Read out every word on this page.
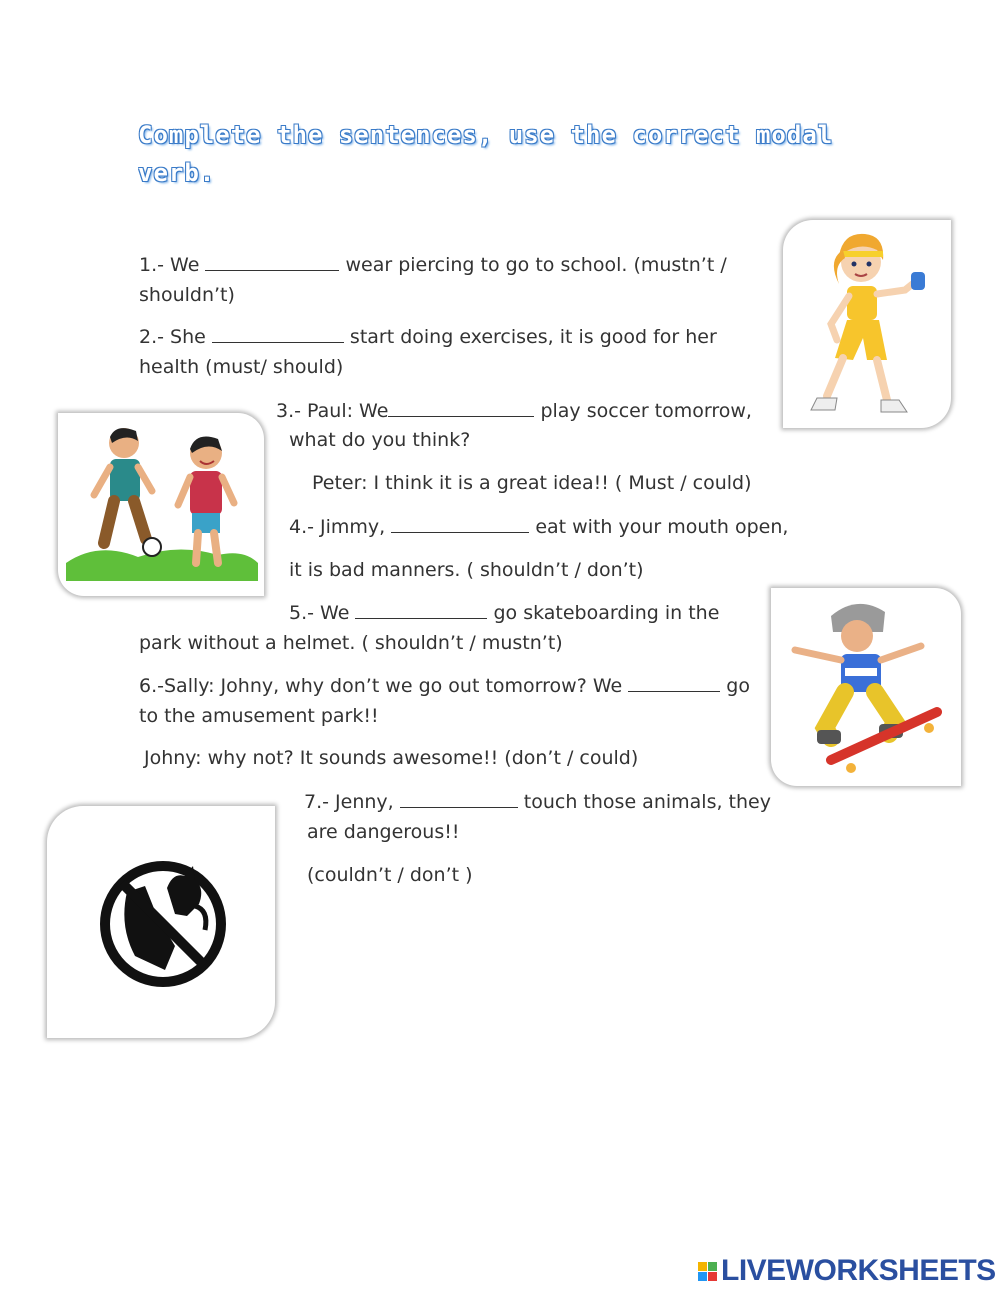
Complete the sentences, use the correct modal verb.
1.- We	wear piercing to go to school. (mustn’t /
shouldn’t)
2.- She	start doing exercises, it is good for her
health (must/ should)
3.- Paul: We	play soccer tomorrow,
what do you think?
Peter: I think it is a great idea!! ( Must / could)
4.- Jimmy,	eat with your mouth open,
it is bad manners. ( shouldn’t / don’t)
5.- We	go skateboarding in the
park without a helmet. ( shouldn’t / mustn’t)
6.-Sally: Johny, why don’t we go out tomorrow? We	go
to the amusement park!!
Johny: why not? It sounds awesome!! (don’t / could)
7.- Jenny,	touch those animals, they
are dangerous!!
(couldn’t / don’t )
LIVEWORKSHEETS
